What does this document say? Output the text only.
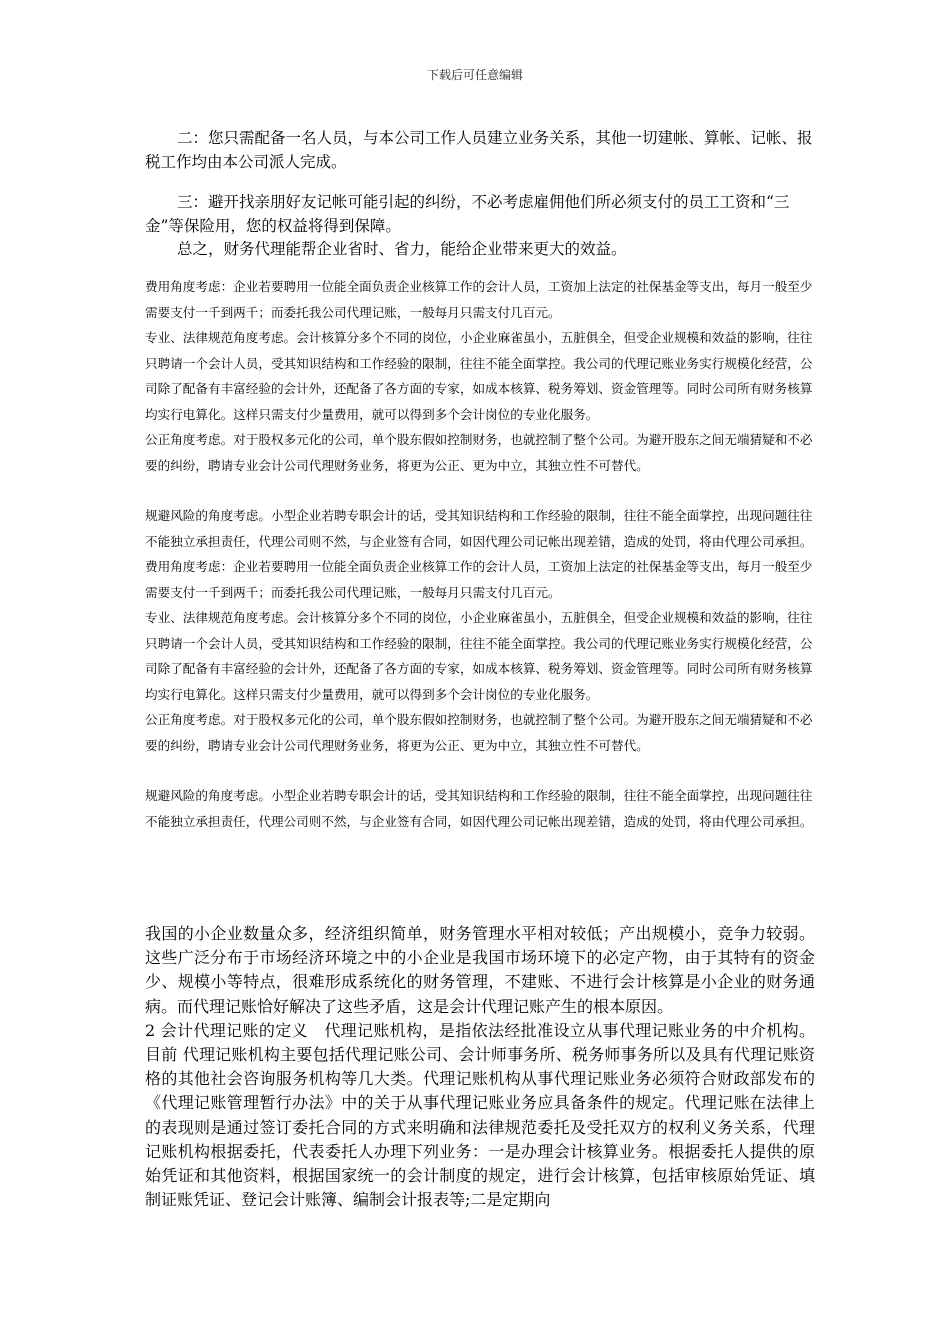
下载后可任意编辑

二：您只需配备一名人员，与本公司工作人员建立业务关系，其他一切建帐、算帐、记帐、报税工作均由本公司派人完成。

三：避开找亲朋好友记帐可能引起的纠纷，不必考虑雇佣他们所必须支付的员工工资和“三金”等保险用，您的权益将得到保障。

总之，财务代理能帮企业省时、省力，能给企业带来更大的效益。

费用角度考虑：企业若要聘用一位能全面负责企业核算工作的会计人员，工资加上法定的社保基金等支出，每月一般至少需要支付一千到两千；而委托我公司代理记账，一般每月只需支付几百元。

专业、法律规范角度考虑。会计核算分多个不同的岗位，小企业麻雀虽小，五脏俱全，但受企业规模和效益的影响，往往只聘请一个会计人员，受其知识结构和工作经验的限制，往往不能全面掌控。我公司的代理记账业务实行规模化经营，公司除了配备有丰富经验的会计外，还配备了各方面的专家，如成本核算、税务筹划、资金管理等。同时公司所有财务核算均实行电算化。这样只需支付少量费用，就可以得到多个会计岗位的专业化服务。

公正角度考虑。对于股权多元化的公司，单个股东假如控制财务，也就控制了整个公司。为避开股东之间无端猜疑和不必要的纠纷，聘请专业会计公司代理财务业务，将更为公正、更为中立，其独立性不可替代。

规避风险的角度考虑。小型企业若聘专职会计的话，受其知识结构和工作经验的限制，往往不能全面掌控，出现问题往往不能独立承担责任，代理公司则不然，与企业签有合同，如因代理公司记帐出现差错，造成的处罚，将由代理公司承担。

费用角度考虑：企业若要聘用一位能全面负责企业核算工作的会计人员，工资加上法定的社保基金等支出，每月一般至少需要支付一千到两千；而委托我公司代理记账，一般每月只需支付几百元。

专业、法律规范角度考虑。会计核算分多个不同的岗位，小企业麻雀虽小，五脏俱全，但受企业规模和效益的影响，往往只聘请一个会计人员，受其知识结构和工作经验的限制，往往不能全面掌控。我公司的代理记账业务实行规模化经营，公司除了配备有丰富经验的会计外，还配备了各方面的专家，如成本核算、税务筹划、资金管理等。同时公司所有财务核算均实行电算化。这样只需支付少量费用，就可以得到多个会计岗位的专业化服务。

公正角度考虑。对于股权多元化的公司，单个股东假如控制财务，也就控制了整个公司。为避开股东之间无端猜疑和不必要的纠纷，聘请专业会计公司代理财务业务，将更为公正、更为中立，其独立性不可替代。

规避风险的角度考虑。小型企业若聘专职会计的话，受其知识结构和工作经验的限制，往往不能全面掌控，出现问题往往不能独立承担责任，代理公司则不然，与企业签有合同，如因代理公司记帐出现差错，造成的处罚，将由代理公司承担。

我国的小企业数量众多，经济组织简单，财务管理水平相对较低；产出规模小，竞争力较弱。这些广泛分布于市场经济环境之中的小企业是我国市场环境下的必定产物，由于其特有的资金少、规模小等特点，很难形成系统化的财务管理，不建账、不进行会计核算是小企业的财务通病。而代理记账恰好解决了这些矛盾，这是会计代理记账产生的根本原因。

2 会计代理记账的定义　代理记账机构，是指依法经批准设立从事代理记账业务的中介机构。目前 代理记账机构主要包括代理记账公司、会计师事务所、税务师事务所以及具有代理记账资格的其他社会咨询服务机构等几大类。代理记账机构从事代理记账业务必须符合财政部发布的《代理记账管理暂行办法》中的关于从事代理记账业务应具备条件的规定。代理记账在法律上的表现则是通过签订委托合同的方式来明确和法律规范委托及受托双方的权利义务关系，代理记账机构根据委托，代表委托人办理下列业务：一是办理会计核算业务。根据委托人提供的原始凭证和其他资料，根据国家统一的会计制度的规定，进行会计核算，包括审核原始凭证、填制证账凭证、登记会计账簿、编制会计报表等;二是定期向
